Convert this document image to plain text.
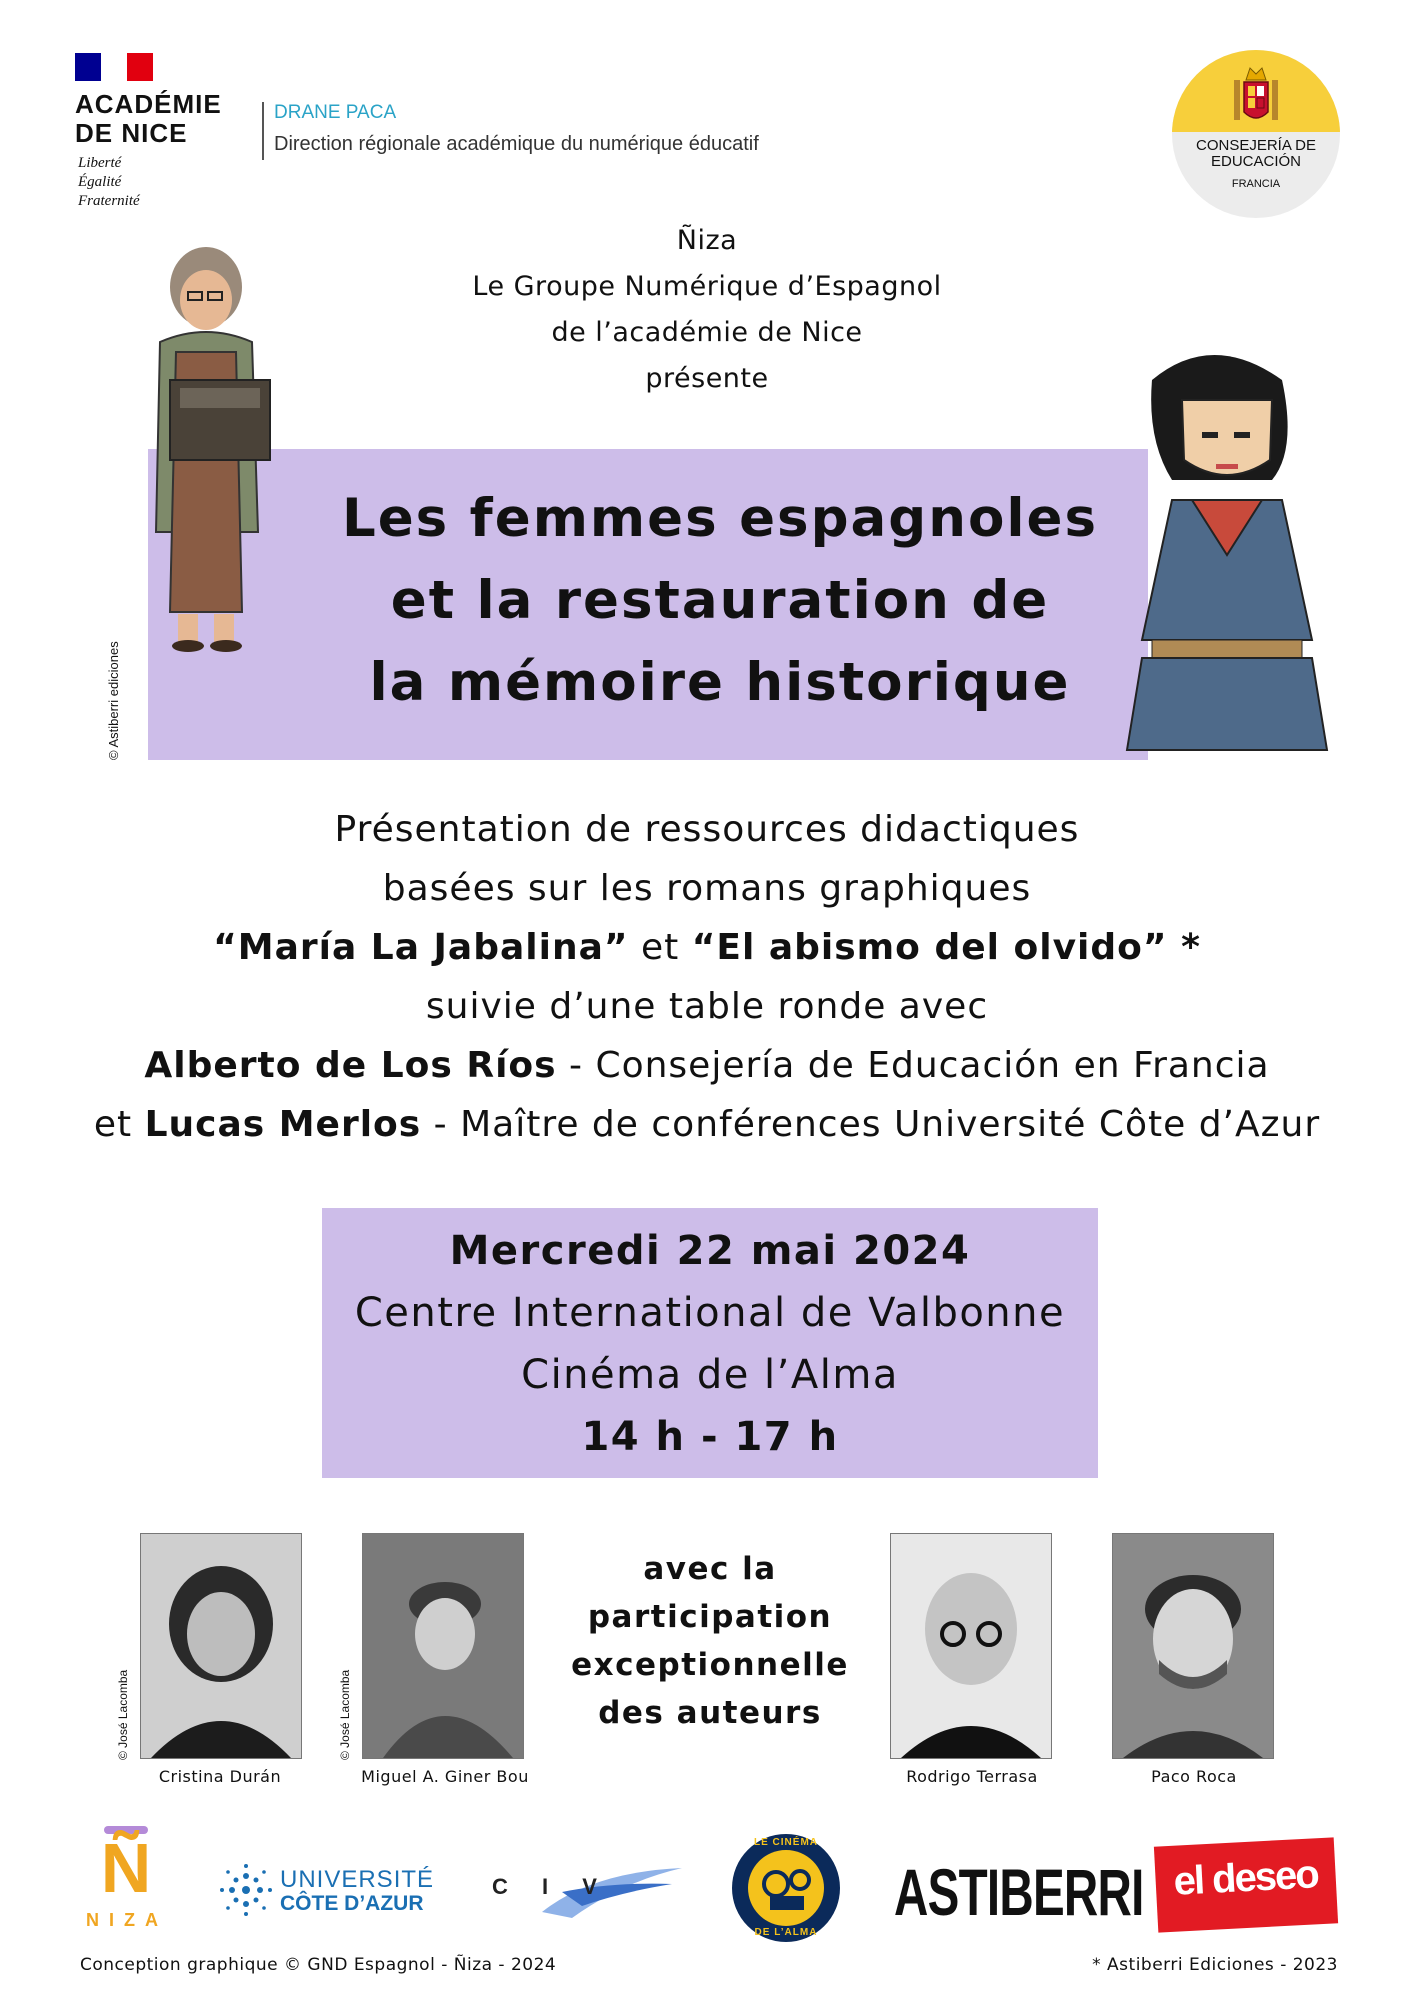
ACADÉMIE
DE NICE
Liberté
Égalité
Fraternité
DRANE PACA
Direction régionale académique du numérique éducatif	CONSEJERÍA DE
EDUCACIÓN
FRANCIA
Ñiza
Le Groupe Numérique d’Espagnol
de l’académie de Nice
présente
Les femmes espagnoles
et la restauration de
la mémoire historique
© Astiberri ediciones
Présentation de ressources didactiques
basées sur les romans graphiques
“María La Jabalina” et “El abismo del olvido” *
suivie d’une table ronde avec
Alberto de Los Ríos - Consejería de Educación en Francia
et Lucas Merlos - Maître de conférences Université Côte d’Azur
Mercredi 22 mai 2024
Centre International de Valbonne
Cinéma de l’Alma
14 h - 17 h
© José Lacomba	© José Lacomba
Cristina Durán	Miguel A. Giner Bou	Rodrigo Terrasa	Paco Roca
avec la
participation
exceptionnelle
des auteurs
Ñ
NIZA
UNIVERSITÉ
CÔTE D’AZUR
C I V
LE CINÉMA
DE L’ALMA
ASTIBERRI el deseo
Conception graphique © GND Espagnol - Ñiza - 2024	* Astiberri Ediciones - 2023
